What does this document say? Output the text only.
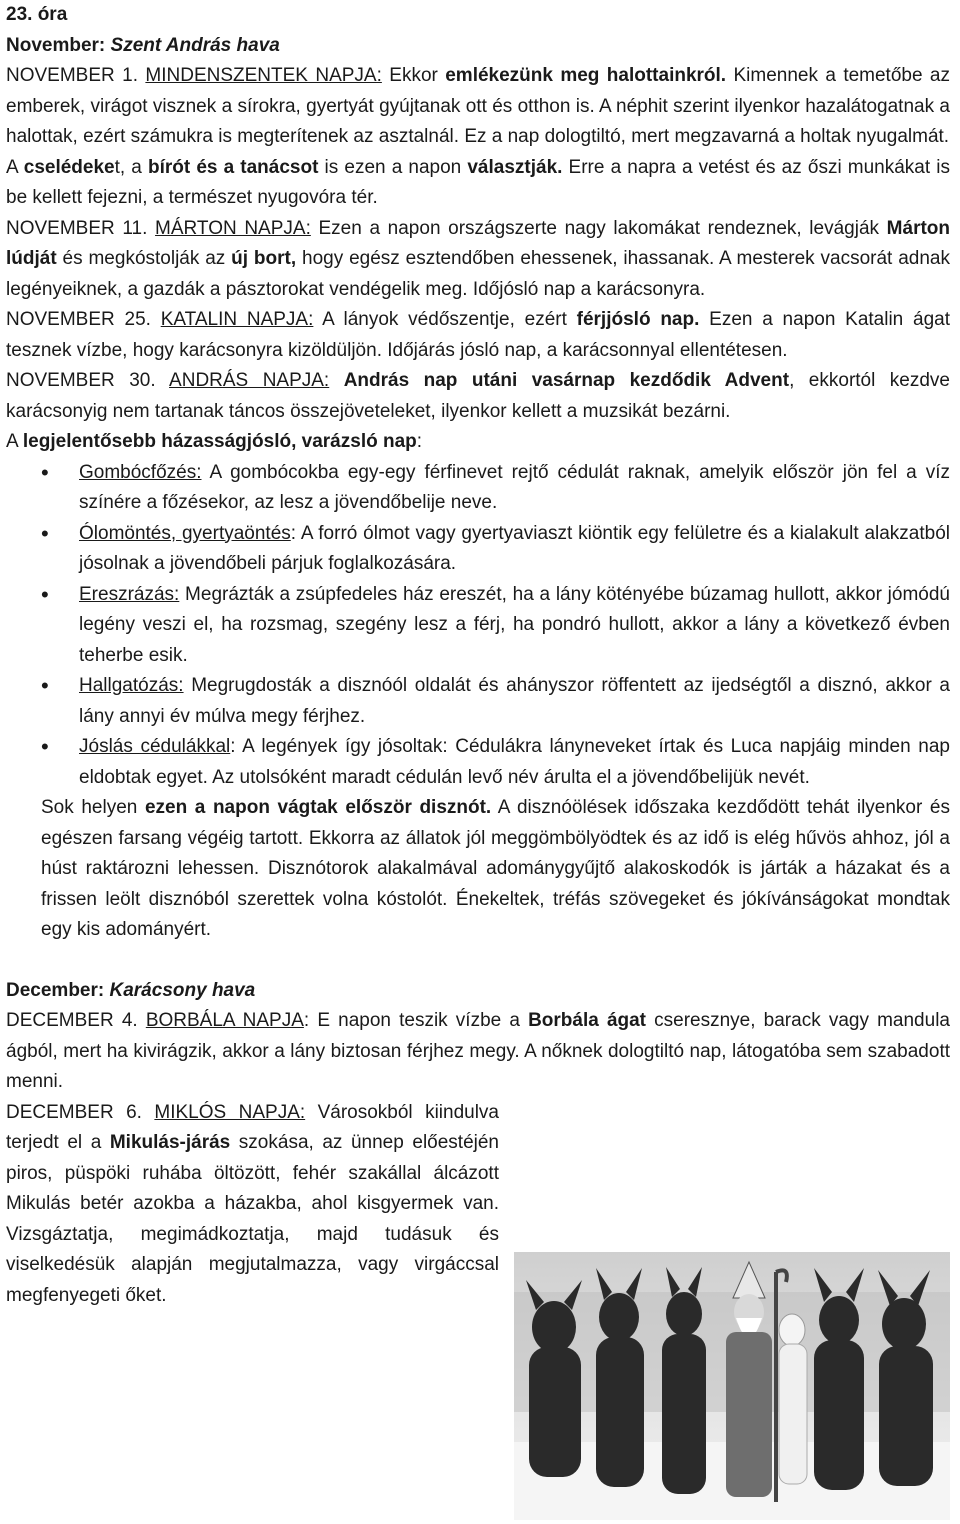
23. óra

November: Szent András hava

NOVEMBER 1. MINDENSZENTEK NAPJA: Ekkor emlékezünk meg halottainkról. Kimennek a temetőbe az emberek, virágot visznek a sírokra, gyertyát gyújtanak ott és otthon is. A néphit szerint ilyenkor hazalátogatnak a halottak, ezért számukra is megterítenek az asztalnál. Ez a nap dologtiltó, mert megzavarná a holtak nyugalmát.

A cselédeket, a bírót és a tanácsot is ezen a napon választják. Erre a napra a vetést és az őszi munkákat is be kellett fejezni, a természet nyugovóra tér.

NOVEMBER 11. MÁRTON NAPJA: Ezen a napon országszerte nagy lakomákat rendeznek, levágják Márton lúdját és megkóstolják az új bort, hogy egész esztendőben ehessenek, ihassanak. A mesterek vacsorát adnak legényeiknek, a gazdák a pásztorokat vendégelik meg. Időjósló nap a karácsonyra.

NOVEMBER 25. KATALIN NAPJA: A lányok védőszentje, ezért férjjósló nap. Ezen a napon Katalin ágat tesznek vízbe, hogy karácsonyra kizöldüljön. Időjárás jósló nap, a karácsonnyal ellentétesen.

NOVEMBER 30. ANDRÁS NAPJA: András nap utáni vasárnap kezdődik Advent, ekkortól kezdve karácsonyig nem tartanak táncos összejöveteleket, ilyenkor kellett a muzsikát bezárni.

A legjelentősebb házasságjósló, varázsló nap:

• Gombócfőzés: A gombócokba egy-egy férfinevet rejtő cédulát raknak, amelyik először jön fel a víz színére a főzésekor, az lesz a jövendőbelije neve.
• Ólomöntés, gyertyaöntés: A forró ólmot vagy gyertyaviaszt kiöntik egy felületre és a kialakult alakzatból jósolnak a jövendőbeli párjuk foglalkozására.
• Ereszrázás: Megrázták a zsúpfedeles ház ereszét, ha a lány kötényébe búzamag hullott, akkor jómódú legény veszi el, ha rozsmag, szegény lesz a férj, ha pondró hullott, akkor a lány a következő évben teherbe esik.
• Hallgatózás: Megrugdosták a disznóól oldalát és ahányszor röffentett az ijedségtől a disznó, akkor a lány annyi év múlva megy férjhez.
• Jóslás cédulákkal: A legények így jósoltak: Cédulákra lányneveket írtak és Luca napjáig minden nap eldobtak egyet. Az utolsóként maradt cédulán levő név árulta el a jövendőbelijük nevét.

Sok helyen ezen a napon vágtak először disznót. A disznóölések időszaka kezdődött tehát ilyenkor és egészen farsang végéig tartott. Ekkorra az állatok jól meggömbölyödtek és az idő is elég hűvös ahhoz, jól a húst raktározni lehessen. Disznótorok alakalmával adománygyűjtő alakoskodók is járták a házakat és a frissen leölt disznóból szerettek volna kóstolót. Énekeltek, tréfás szövegeket és jókívánságokat mondtak egy kis adományért.

December: Karácsony hava

DECEMBER 4. BORBÁLA NAPJA: E napon teszik vízbe a Borbála ágat cseresznye, barack vagy mandula ágból, mert ha kivirágzik, akkor a lány biztosan férjhez megy. A nőknek dologtiltó nap, látogatóba sem szabadott menni.

DECEMBER 6. MIKLÓS NAPJA: Városokból kiindulva terjedt el a Mikulás-járás szokása, az ünnep előestéjén piros, püspöki ruhába öltözött, fehér szakállal álcázott Mikulás betér azokba a házakba, ahol kisgyermek van. Vizsgáztatja, megimádkoztatja, majd tudásuk és viselkedésük alapján megjutalmazza, vagy virgáccsal megfenyegeti őket.
